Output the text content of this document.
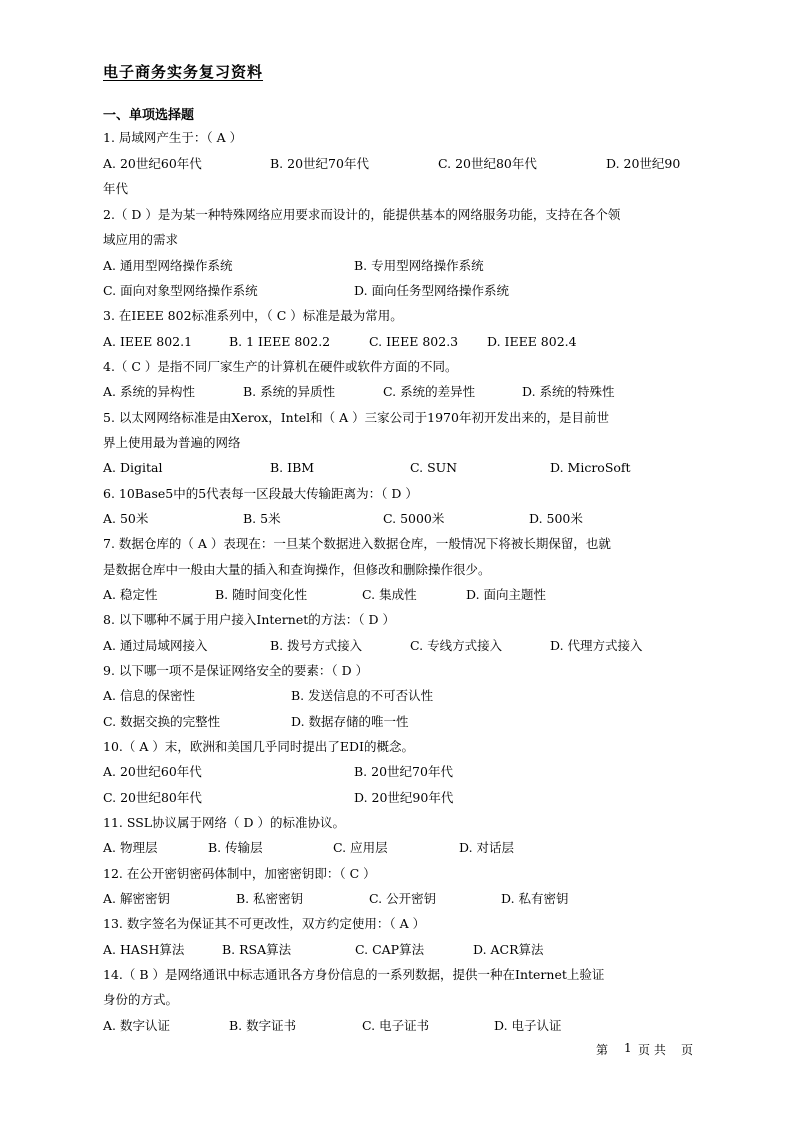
电子商务实务复习资料
一、单项选择题
1. 局域网产生于：（ A ）
A. 20世纪60年代	B. 20世纪70年代	C. 20世纪80年代	D. 20世纪90
年代
2.（ D ）是为某一种特殊网络应用要求而设计的，能提供基本的网络服务功能，支持在各个领
域应用的需求
A. 通用型网络操作系统	B. 专用型网络操作系统
C. 面向对象型网络操作系统	D. 面向任务型网络操作系统
3. 在IEEE 802标准系列中，（ C ）标准是最为常用。
A. IEEE 802.1	B. 1 IEEE 802.2	C. IEEE 802.3 D. IEEE 802.4
4.（ C ）是指不同厂家生产的计算机在硬件或软件方面的不同。
A. 系统的异构性	B. 系统的异质性	C. 系统的差异性	D. 系统的特殊性
5. 以太网网络标准是由Xerox，Intel和（ A ）三家公司于1970年初开发出来的，是目前世
界上使用最为普遍的网络
A. Digital	B. IBM	C. SUN	D. MicroSoft
6. 10Base5中的5代表每一区段最大传输距离为：（ D ）
A. 50米	B. 5米	C. 5000米	D. 500米
7. 数据仓库的（ A ）表现在：一旦某个数据进入数据仓库，一般情况下将被长期保留，也就
是数据仓库中一般由大量的插入和查询操作，但修改和删除操作很少。
A. 稳定性	B. 随时间变化性	C. 集成性	D. 面向主题性
8. 以下哪种不属于用户接入Internet的方法：（ D ）
A. 通过局域网接入	B. 拨号方式接入	C. 专线方式接入	D. 代理方式接入
9. 以下哪一项不是保证网络安全的要素：（ D ）
A. 信息的保密性	B. 发送信息的不可否认性
C. 数据交换的完整性	D. 数据存储的唯一性
10.（ A ）末，欧洲和美国几乎同时提出了EDI的概念。
A. 20世纪60年代	B. 20世纪70年代
C. 20世纪80年代	D. 20世纪90年代
11. SSL协议属于网络（ D ）的标准协议。
A. 物理层	B. 传输层	C. 应用层	D. 对话层
12. 在公开密钥密码体制中，加密密钥即：（ C ）
A. 解密密钥	B. 私密密钥	C. 公开密钥	D. 私有密钥
13. 数字签名为保证其不可更改性，双方约定使用：（ A ）
A. HASH算法	B. RSA算法	C. CAP算法	D. ACR算法
14.（ B ）是网络通讯中标志通讯各方身份信息的一系列数据，提供一种在Internet上验证
身份的方式。
A. 数字认证	B. 数字证书	C. 电子证书	D. 电子认证
第 1 页 共 页
